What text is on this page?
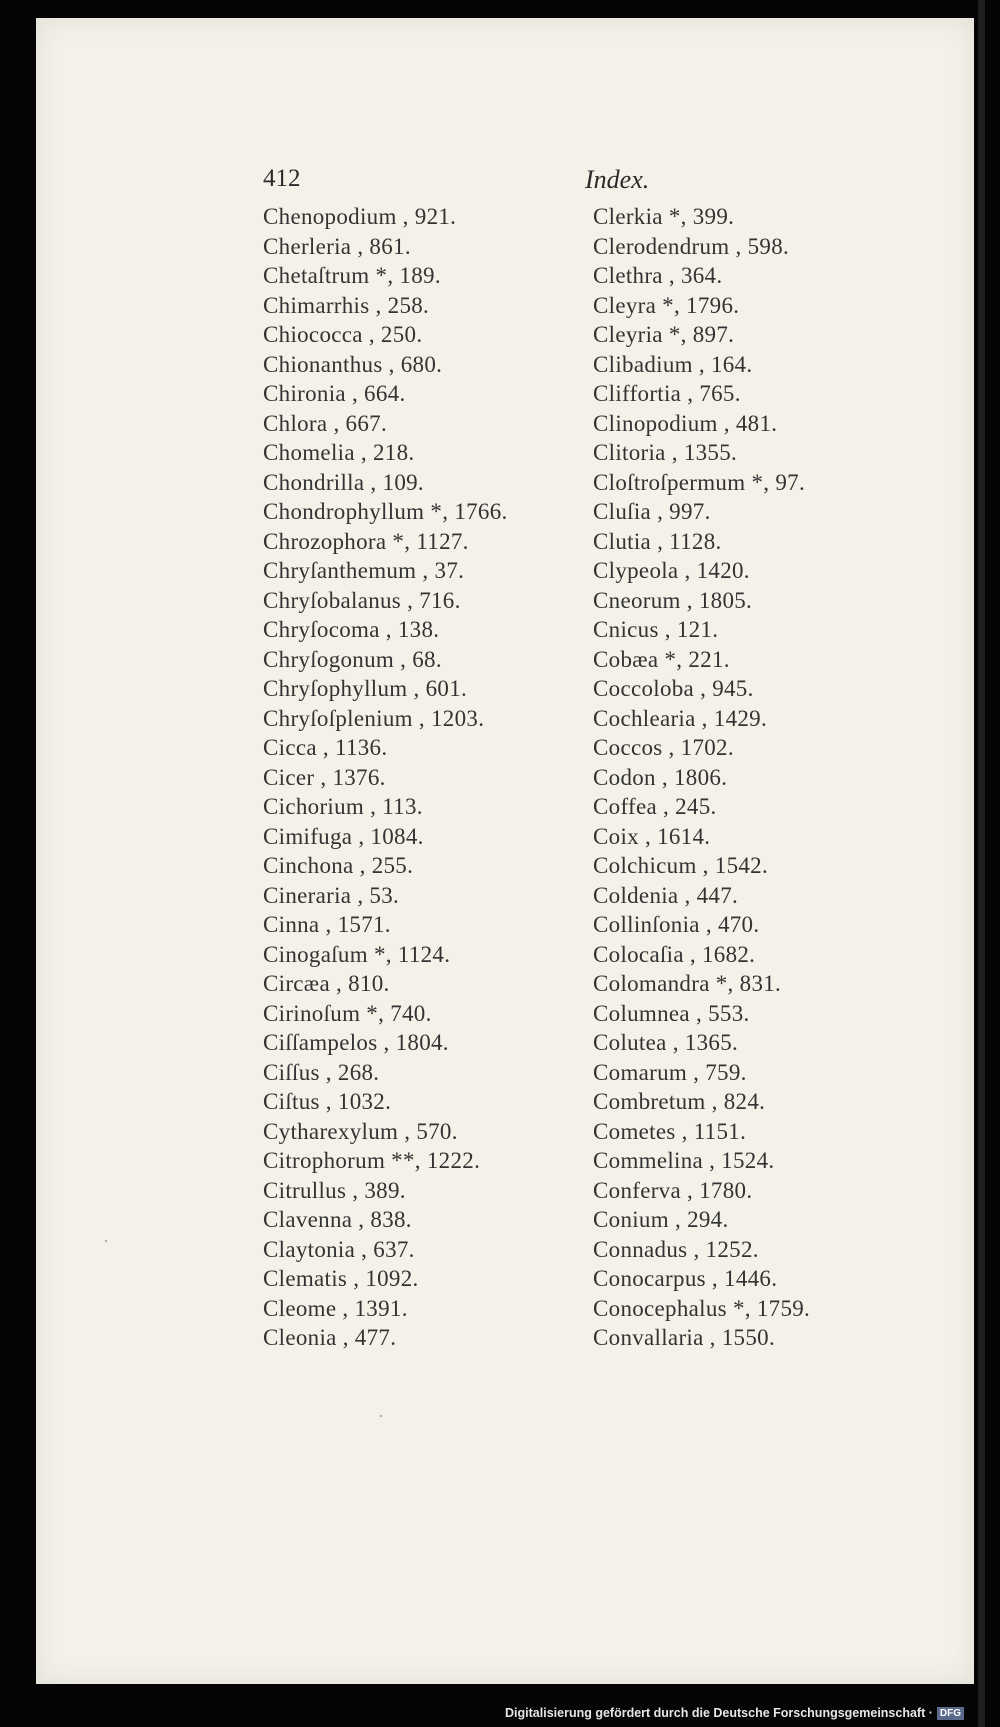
412	Index.
Chenopodium , 921.
Cherleria , 861.
Chetaſtrum *, 189.
Chimarrhis , 258.
Chiococca , 250.
Chionanthus , 680.
Chironia , 664.
Chlora , 667.
Chomelia , 218.
Chondrilla , 109.
Chondrophyllum *, 1766.
Chrozophora *, 1127.
Chryſanthemum , 37.
Chryſobalanus , 716.
Chryſocoma , 138.
Chryſogonum , 68.
Chryſophyllum , 601.
Chryſoſplenium , 1203.
Cicca , 1136.
Cicer , 1376.
Cichorium , 113.
Cimifuga , 1084.
Cinchona , 255.
Cineraria , 53.
Cinna , 1571.
Cinogaſum *, 1124.
Circæa , 810.
Cirinoſum *, 740.
Ciſſampelos , 1804.
Ciſſus , 268.
Ciſtus , 1032.
Cytharexylum , 570.
Citrophorum **, 1222.
Citrullus , 389.
Clavenna , 838.
Claytonia , 637.
Clematis , 1092.
Cleome , 1391.
Cleonia , 477.
Clerkia *, 399.
Clerodendrum , 598.
Clethra , 364.
Cleyra *, 1796.
Cleyria *, 897.
Clibadium , 164.
Cliffortia , 765.
Clinopodium , 481.
Clitoria , 1355.
Cloſtroſpermum *, 97.
Cluſia , 997.
Clutia , 1128.
Clypeola , 1420.
Cneorum , 1805.
Cnicus , 121.
Cobæa *, 221.
Coccoloba , 945.
Cochlearia , 1429.
Coccos , 1702.
Codon , 1806.
Coffea , 245.
Coix , 1614.
Colchicum , 1542.
Coldenia , 447.
Collinſonia , 470.
Colocaſia , 1682.
Colomandra *, 831.
Columnea , 553.
Colutea , 1365.
Comarum , 759.
Combretum , 824.
Cometes , 1151.
Commelina , 1524.
Conferva , 1780.
Conium , 294.
Connadus , 1252.
Conocarpus , 1446.
Conocephalus *, 1759.
Convallaria , 1550.
Digitalisierung gefördert durch die Deutsche Forschungsgemeinschaft · DFG
